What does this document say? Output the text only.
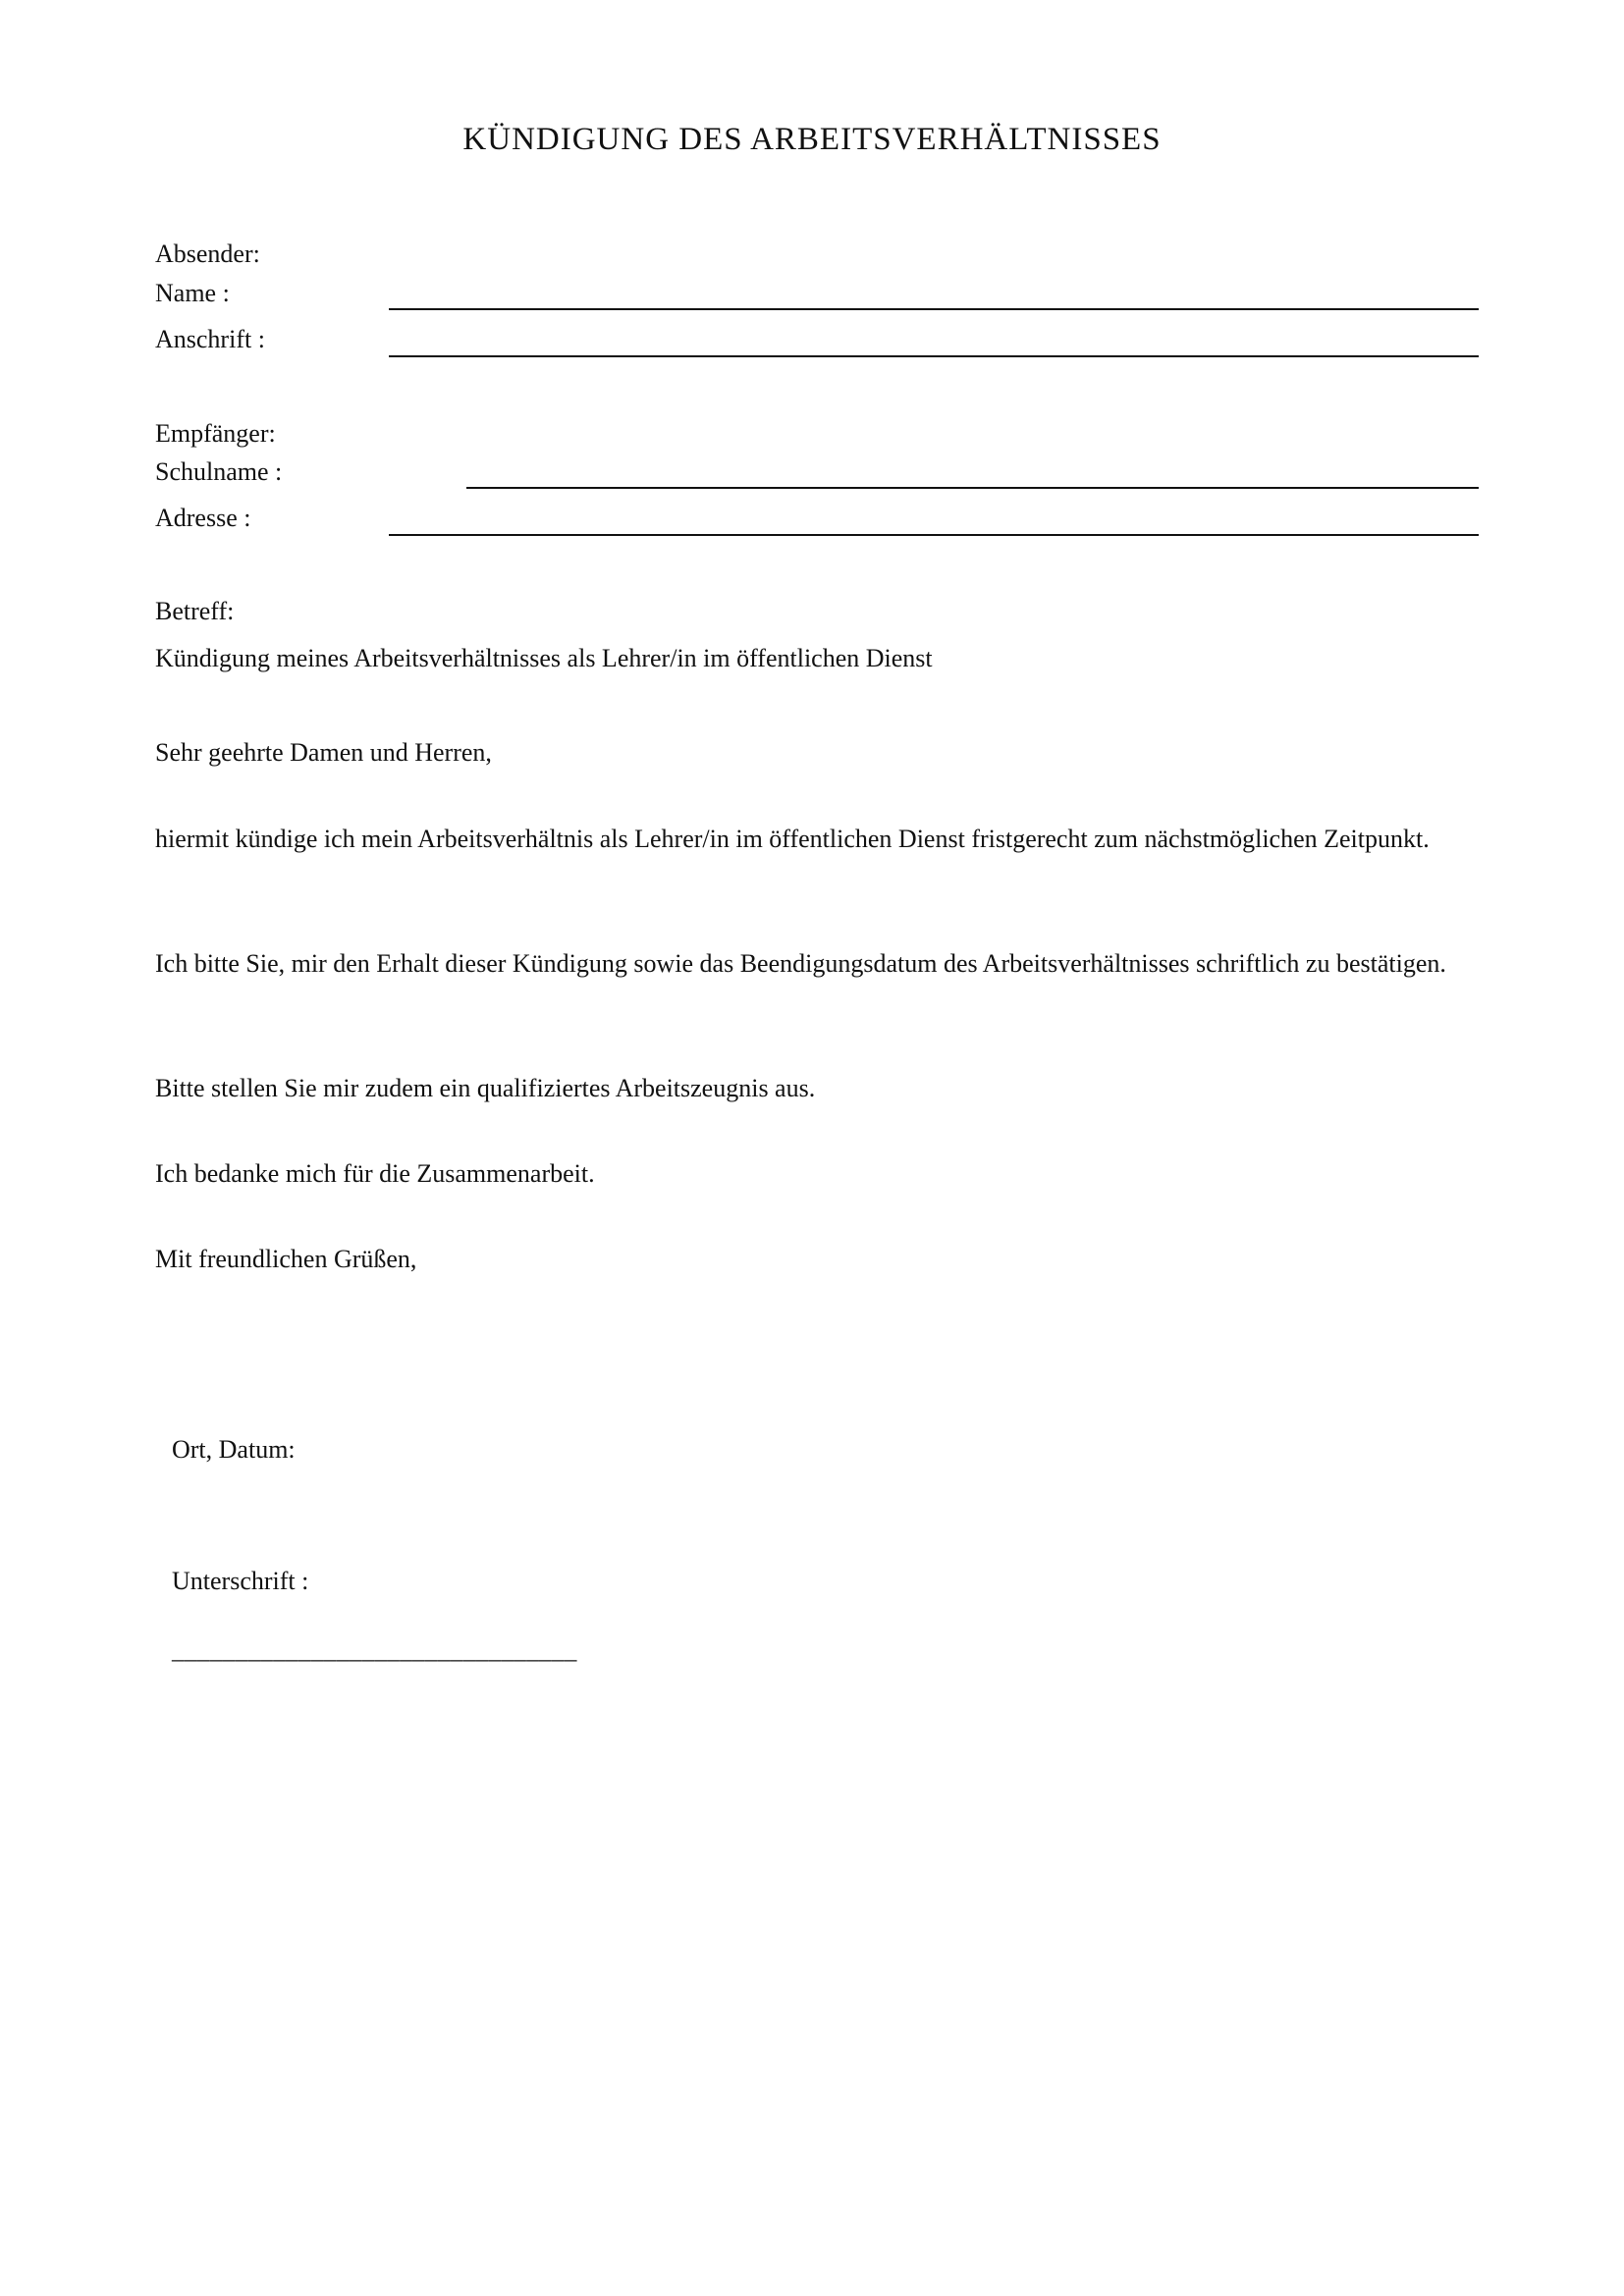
KÜNDIGUNG DES ARBEITSVERHÄLTNISSES
Absender:
Name :
Anschrift :
Empfänger:
Schulname :
Adresse :
Betreff:
Kündigung meines Arbeitsverhältnisses als Lehrer/in im öffentlichen Dienst
Sehr geehrte Damen und Herren,
hiermit kündige ich mein Arbeitsverhältnis als Lehrer/in im öffentlichen Dienst fristgerecht zum nächstmöglichen Zeitpunkt.
Ich bitte Sie, mir den Erhalt dieser Kündigung sowie das Beendigungsdatum des Arbeitsverhältnisses schriftlich zu bestätigen.
Bitte stellen Sie mir zudem ein qualifiziertes Arbeitszeugnis aus.
Ich bedanke mich für die Zusammenarbeit.
Mit freundlichen Grüßen,
Ort, Datum:
Unterschrift :
________________________________
